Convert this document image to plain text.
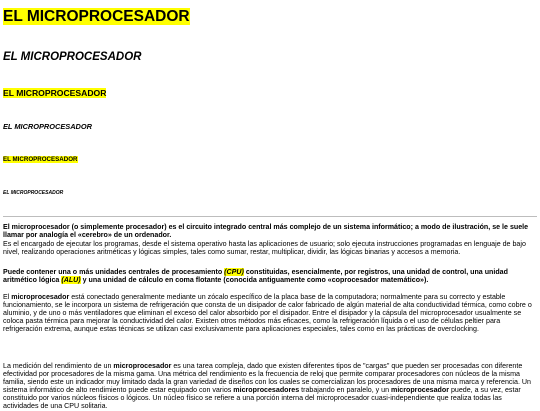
EL MICROPROCESADOR
EL MICROPROCESADOR
EL MICROPROCESADOR
EL MICROPROCESADOR
EL MICROPROCESADOR
EL MICROPROCESADOR

El microprocesador (o simplemente procesador) es el circuito integrado central más complejo de un sistema informático; a modo de ilustración, se le suele llamar por analogía el «cerebro» de un ordenador.

Es el encargado de ejecutar los programas, desde el sistema operativo hasta las aplicaciones de usuario; solo ejecuta instrucciones programadas en lenguaje de bajo nivel, realizando operaciones aritméticas y lógicas simples, tales como sumar, restar, multiplicar, dividir, las lógicas binarias y accesos a memoria.

Puede contener una o más unidades centrales de procesamiento (CPU) constituidas, esencialmente, por registros, una unidad de control, una unidad aritmético lógica (ALU) y una unidad de cálculo en coma flotante (conocida antiguamente como «coprocesador matemático»).

El microprocesador está conectado generalmente mediante un zócalo específico de la placa base de la computadora; normalmente para su correcto y estable funcionamiento, se le incorpora un sistema de refrigeración que consta de un disipador de calor fabricado de algún material de alta conductividad térmica, como cobre o aluminio, y de uno o más ventiladores que eliminan el exceso del calor absorbido por el disipador. Entre el disipador y la cápsula del microprocesador usualmente se coloca pasta térmica para mejorar la conductividad del calor. Existen otros métodos más eficaces, como la refrigeración líquida o el uso de células peltier para refrigeración extrema, aunque estas técnicas se utilizan casi exclusivamente para aplicaciones especiales, tales como en las prácticas de overclocking.

La medición del rendimiento de un microprocesador es una tarea compleja, dado que existen diferentes tipos de "cargas" que pueden ser procesadas con diferente efectividad por procesadores de la misma gama. Una métrica del rendimiento es la frecuencia de reloj que permite comparar procesadores con núcleos de la misma familia, siendo este un indicador muy limitado dada la gran variedad de diseños con los cuales se comercializan los procesadores de una misma marca y referencia. Un sistema informático de alto rendimiento puede estar equipado con varios microprocesadores trabajando en paralelo, y un microprocesador puede, a su vez, estar constituido por varios núcleos físicos o lógicos. Un núcleo físico se refiere a una porción interna del microprocesador cuasi-independiente que realiza todas las actividades de una CPU solitaria.
